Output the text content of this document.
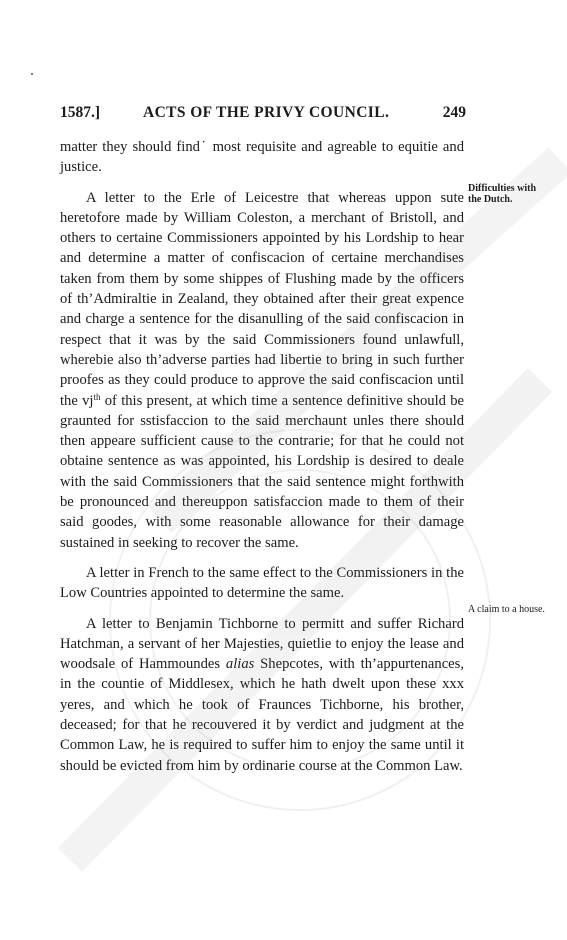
1587.]	ACTS OF THE PRIVY COUNCIL.	249

matter they should find˙ most requisite and agreable to equitie and justice.

A letter to the Erle of Leicestre that whereas uppon sute heretofore made by William Coleston, a merchant of Bristoll, and others to certaine Commissioners appointed by his Lordship to hear and determine a matter of confiscacion of certaine merchandises taken from them by some shippes of Flushing made by the officers of th’Admiraltie in Zealand, they obtained after their great expence and charge a sentence for the disanulling of the said confiscacion in respect that it was by the said Commissioners found unlawfull, wherebie also th’adverse parties had libertie to bring in such further proofes as they could produce to approve the said confiscacion until the $vj^{th}$ of this present, at which time a sentence definitive should be graunted for sstisfaccion to the said merchaunt unles there should then appeare sufficient cause to the contrarie; for that he could not obtaine sentence as was appointed, his Lordship is desired to deale with the said Commissioners that the said sentence might forthwith be pronounced and thereuppon satisfaccion made to them of their said goodes, with some reasonable allowance for their damage sustained in seeking to recover the same.

A letter in French to the same effect to the Commissioners in the Low Countries appointed to determine the same.

A letter to Benjamin Tichborne to permitt and suffer Richard Hatchman, a servant of her Majesties, quietlie to enjoy the lease and woodsale of Hammoundes alias Shepcotes, with th’appurtenances, in the countie of Middlesex, which he hath dwelt upon these xxx yeres, and which he took of Fraunces Tichborne, his brother, deceased; for that he recouvered it by verdict and judgment at the Common Law, he is required to suffer him to enjoy the same until it should be evicted from him by ordinarie course at the Common Law.

Difficulties with the Dutch.
A claim to a house.
